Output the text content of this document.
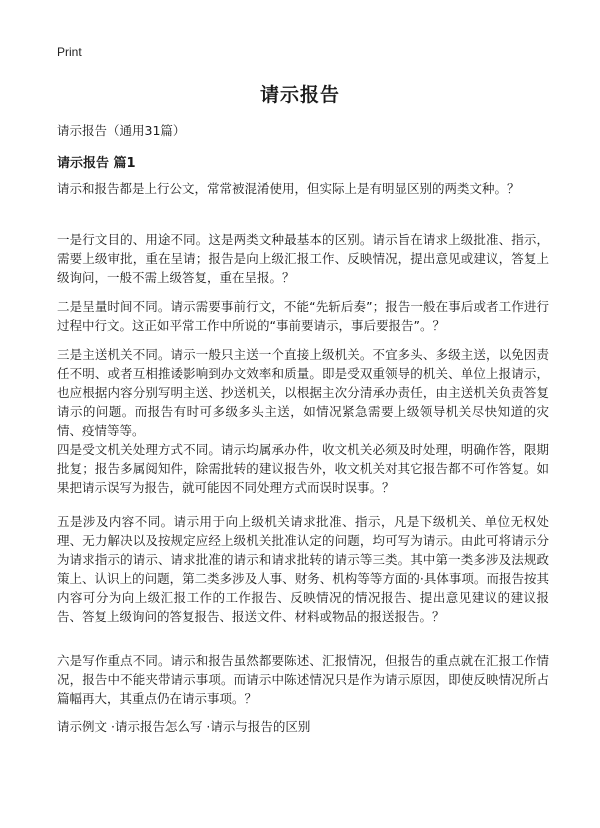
Print
请示报告
请示报告（通用31篇）
请示报告 篇1
请示和报告都是上行公文，常常被混淆使用，但实际上是有明显区别的两类文种。？
一是行文目的、用途不同。这是两类文种最基本的区别。请示旨在请求上级批准、指示，需要上级审批，重在呈请；报告是向上级汇报工作、反映情况，提出意见或建议，答复上级询问，一般不需上级答复，重在呈报。？
二是呈量时间不同。请示需要事前行文，不能“先斩后奏”；报告一般在事后或者工作进行过程中行文。这正如平常工作中所说的“事前要请示，事后要报告”。？
三是主送机关不同。请示一般只主送一个直接上级机关。不宜多头、多级主送，以免因责任不明、或者互相推诿影响到办文效率和质量。即是受双重领导的机关、单位上报请示，也应根据内容分别写明主送、抄送机关，以根据主次分清承办责任，由主送机关负责答复请示的问题。而报告有时可多级多头主送，如情况紧急需要上级领导机关尽快知道的灾情、疫情等等。
四是受文机关处理方式不同。请示均属承办件，收文机关必须及时处理，明确作答，限期批复；报告多属阅知件，除需批转的建议报告外，收文机关对其它报告都不可作答复。如果把请示误写为报告，就可能因不同处理方式而误时误事。？
五是涉及内容不同。请示用于向上级机关请求批准、指示，凡是下级机关、单位无权处理、无力解决以及按规定应经上级机关批准认定的问题，均可写为请示。由此可将请示分为请求指示的请示、请求批准的请示和请求批转的请示等三类。其中第一类多涉及法规政策上、认识上的问题，第二类多涉及人事、财务、机构等等方面的·具体事项。而报告按其内容可分为向上级汇报工作的工作报告、反映情况的情况报告、提出意见建议的建议报告、答复上级询问的答复报告、报送文件、材料或物品的报送报告。？
六是写作重点不同。请示和报告虽然都要陈述、汇报情况，但报告的重点就在汇报工作情况，报告中不能夹带请示事项。而请示中陈述情况只是作为请示原因，即使反映情况所占篇幅再大，其重点仍在请示事项。？
请示例文 ·请示报告怎么写 ·请示与报告的区别
